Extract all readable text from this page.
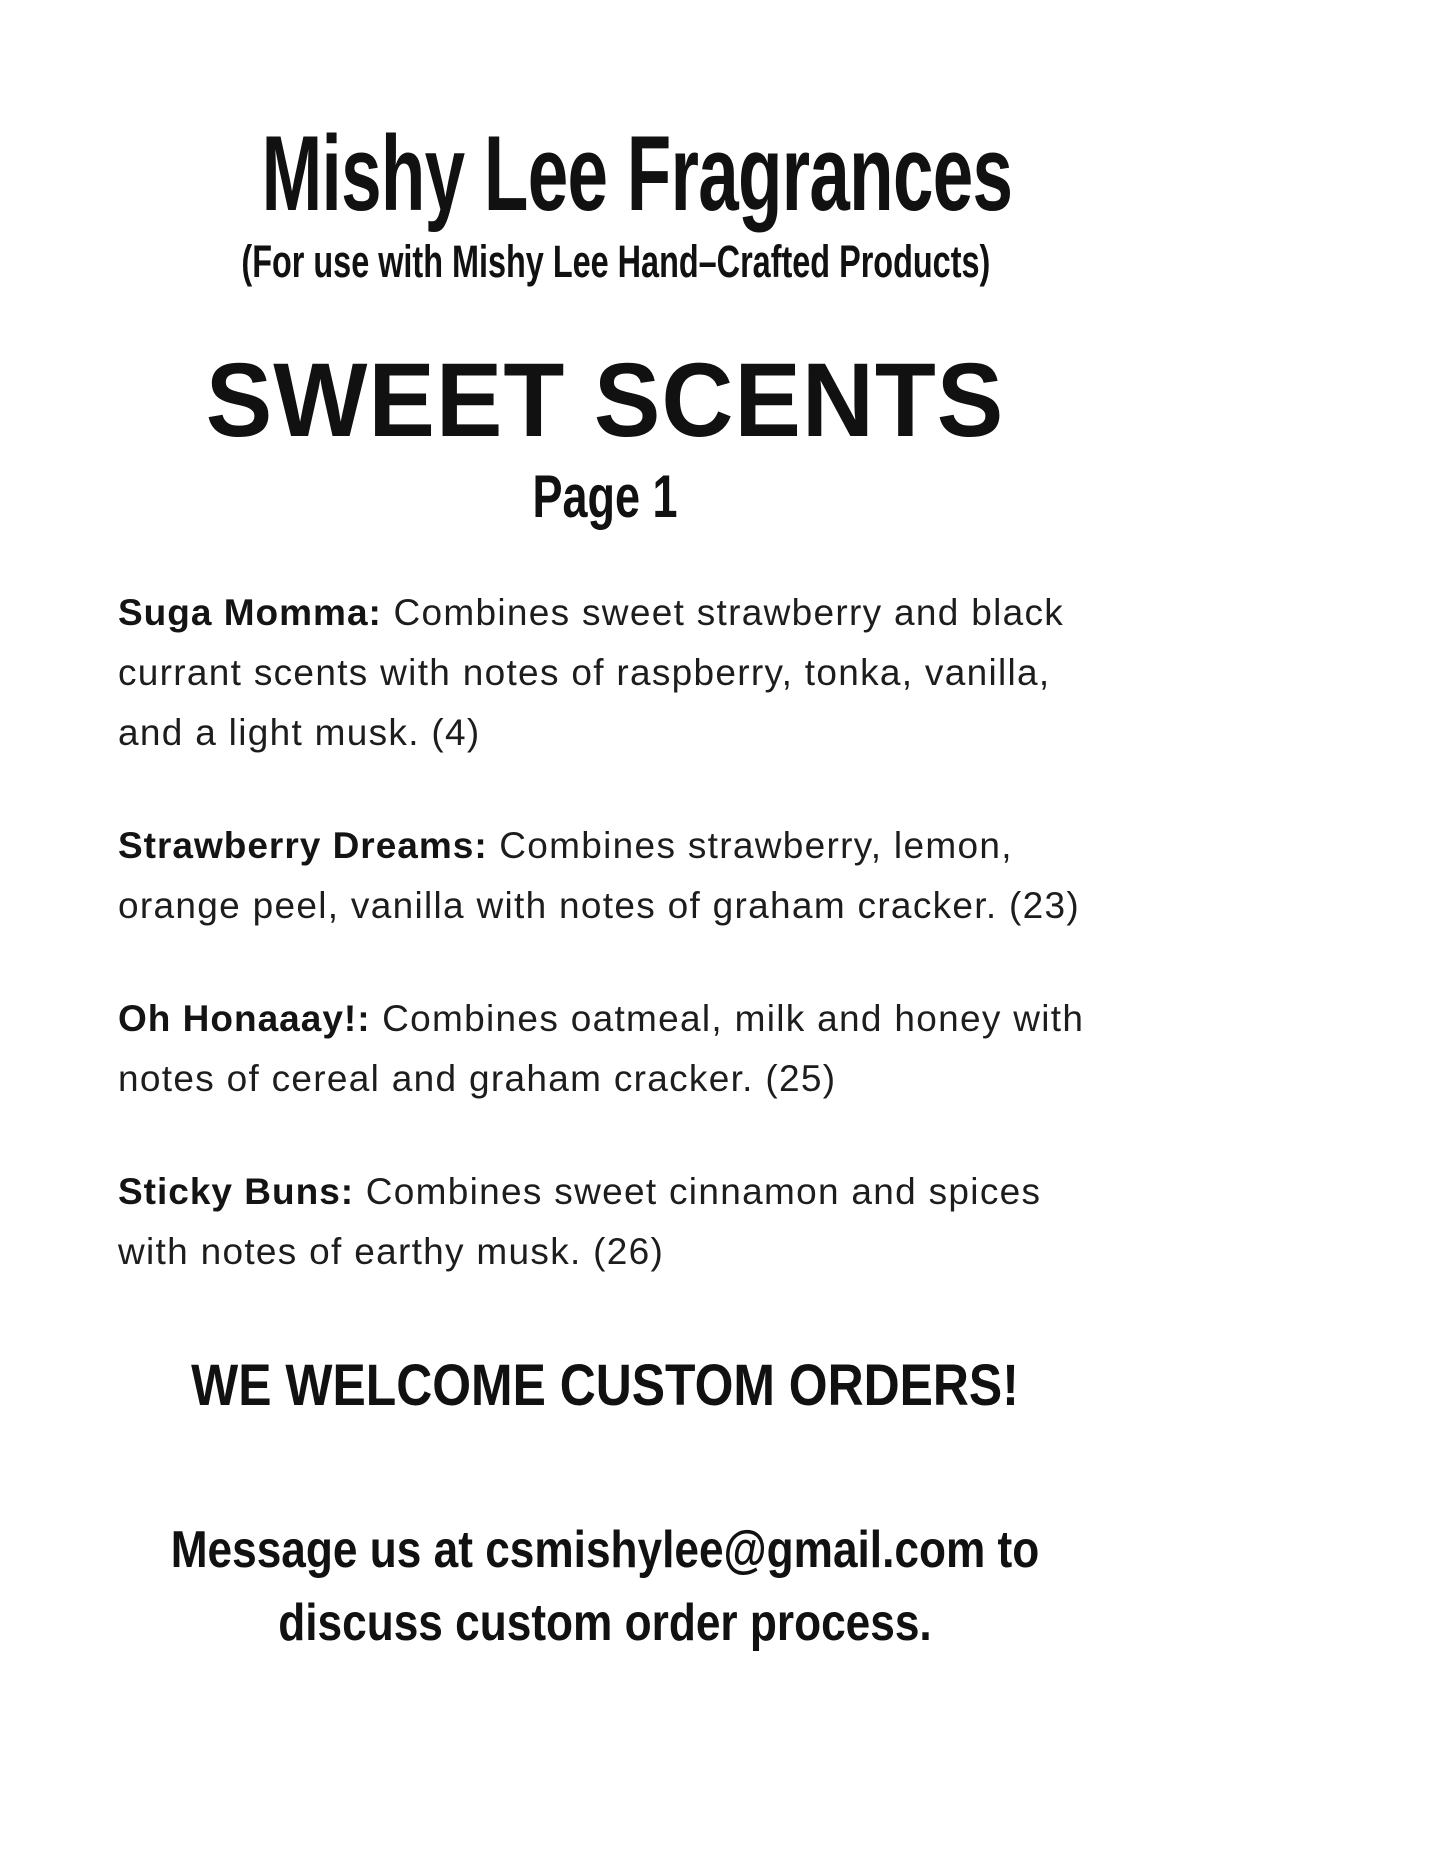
Mishy Lee Fragrances
(For use with Mishy Lee Hand–Crafted Products)
SWEET SCENTS
Page 1

Suga Momma: Combines sweet strawberry and black currant scents with notes of raspberry, tonka, vanilla, and a light musk. (4)

Strawberry Dreams: Combines strawberry, lemon, orange peel, vanilla with notes of graham cracker. (23)

Oh Honaaay!: Combines oatmeal, milk and honey with notes of cereal and graham cracker. (25)

Sticky Buns: Combines sweet cinnamon and spices with notes of earthy musk. (26)

WE WELCOME CUSTOM ORDERS!
Message us at csmishylee@gmail.com to discuss custom order process.
